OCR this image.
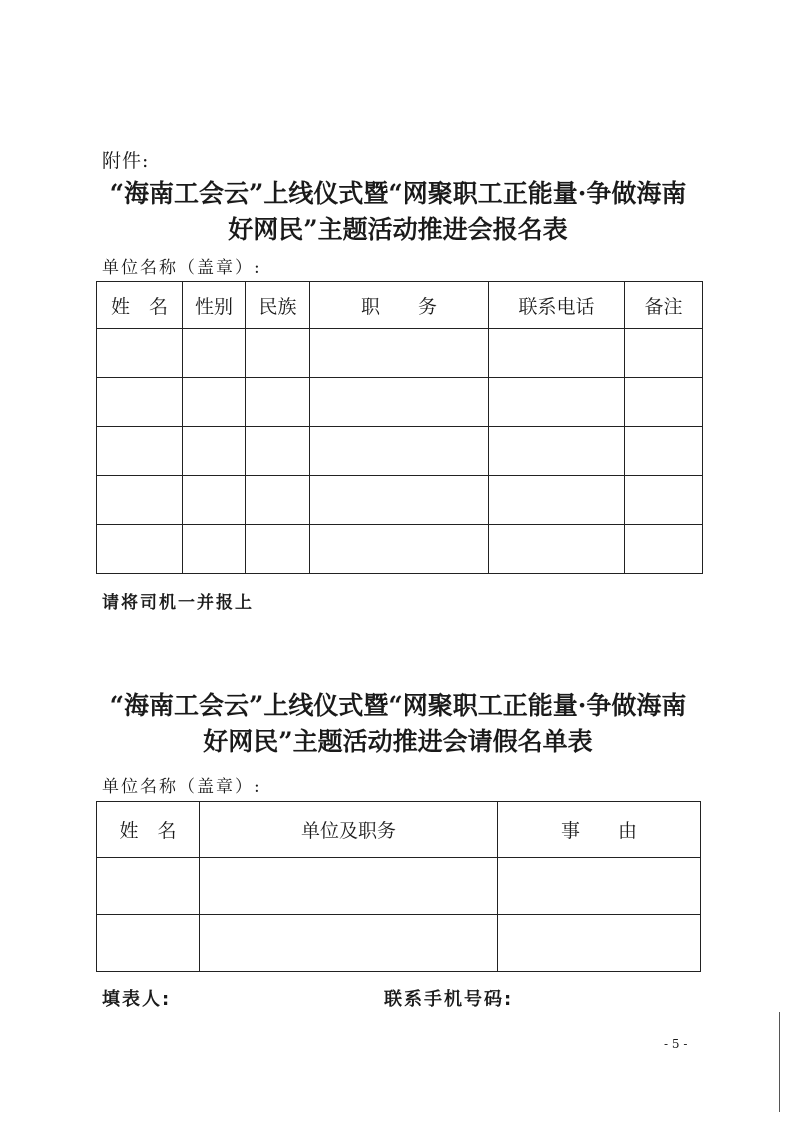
附件:
“海南工会云”上线仪式暨“网聚职工正能量·争做海南
好网民”主题活动推进会报名表
单位名称（盖章）:
姓　名	性别	民族	职　　务	联系电话	备注

请将司机一并报上
“海南工会云”上线仪式暨“网聚职工正能量·争做海南
好网民”主题活动推进会请假名单表
单位名称（盖章）:
姓　名	单位及职务	事　　由

填表人:	联系手机号码:
- 5 -
